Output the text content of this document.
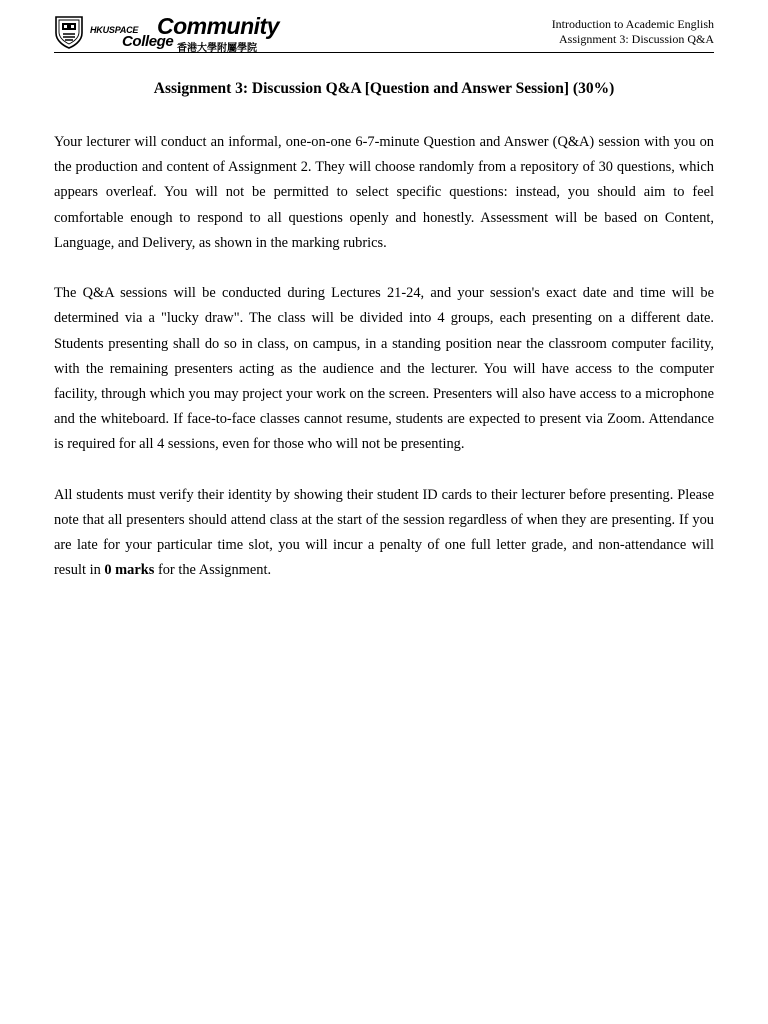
HKUSPACE Community
College 香港大學附屬學院
Introduction to Academic English
Assignment 3: Discussion Q&A
Assignment 3: Discussion Q&A [Question and Answer Session] (30%)

Your lecturer will conduct an informal, one-on-one 6-7-minute Question and Answer (Q&A) session with you on the production and content of Assignment 2. They will choose randomly from a repository of 30 questions, which appears overleaf. You will not be permitted to select specific questions: instead, you should aim to feel comfortable enough to respond to all questions openly and honestly. Assessment will be based on Content, Language, and Delivery, as shown in the marking rubrics.

The Q&A sessions will be conducted during Lectures 21-24, and your session's exact date and time will be determined via a "lucky draw". The class will be divided into 4 groups, each presenting on a different date. Students presenting shall do so in class, on campus, in a standing position near the classroom computer facility, with the remaining presenters acting as the audience and the lecturer. You will have access to the computer facility, through which you may project your work on the screen. Presenters will also have access to a microphone and the whiteboard. If face-to-face classes cannot resume, students are expected to present via Zoom. Attendance is required for all 4 sessions, even for those who will not be presenting.

All students must verify their identity by showing their student ID cards to their lecturer before presenting. Please note that all presenters should attend class at the start of the session regardless of when they are presenting. If you are late for your particular time slot, you will incur a penalty of one full letter grade, and non-attendance will result in 0 marks for the Assignment.
